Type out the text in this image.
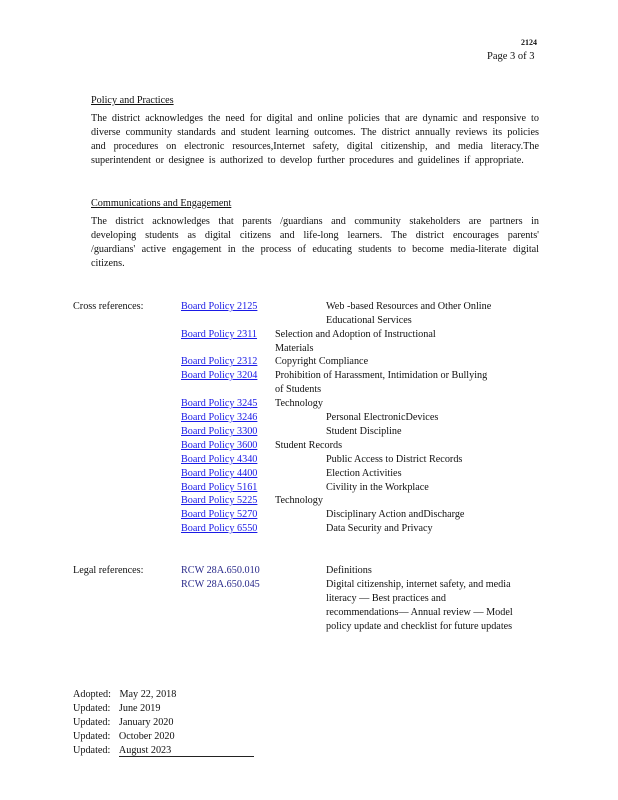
2124
Page 3 of 3
Policy and Practices
The district acknowledges the need for digital and online policies that are dynamic and responsive to diverse community standards and student learning outcomes. The district annually reviews its policies and procedures on electronic resources,Internet safety, digital citizenship, and media literacy.The superintendent or designee is authorized to develop further procedures and guidelines if appropriate.
Communications and Engagement
The district acknowledges that parents /guardians and community stakeholders are partners in developing students as digital citizens and life-long learners. The district encourages parents' /guardians' active engagement in the process of educating students to become media-literate digital citizens.
Cross references:	Board Policy 2125	Web -based Resources and Other Online Educational Services
Board Policy 2311 Selection and Adoption of Instructional Materials
Board Policy 2312 Copyright Compliance
Board Policy 3204 Prohibition of Harassment, Intimidation or Bullying of Students
Board Policy 3245 Technology
Board Policy 3246	Personal ElectronicDevices
Board Policy 3300	Student Discipline
Board Policy 3600 Student Records
Board Policy 4340	Public Access to District Records
Board Policy 4400	Election Activities
Board Policy 5161	Civility in the Workplace
Board Policy 5225 Technology
Board Policy 5270	Disciplinary Action andDischarge
Board Policy 6550	Data Security and Privacy
Legal references:	RCW 28A.650.010	Definitions
RCW 28A.650.045	Digital citizenship, internet safety, and media literacy — Best practices and recommendations— Annual review — Model policy update and checklist for future updates
Adopted: May 22, 2018
Updated: June 2019
Updated: January 2020
Updated: October 2020
Updated: August 2023
